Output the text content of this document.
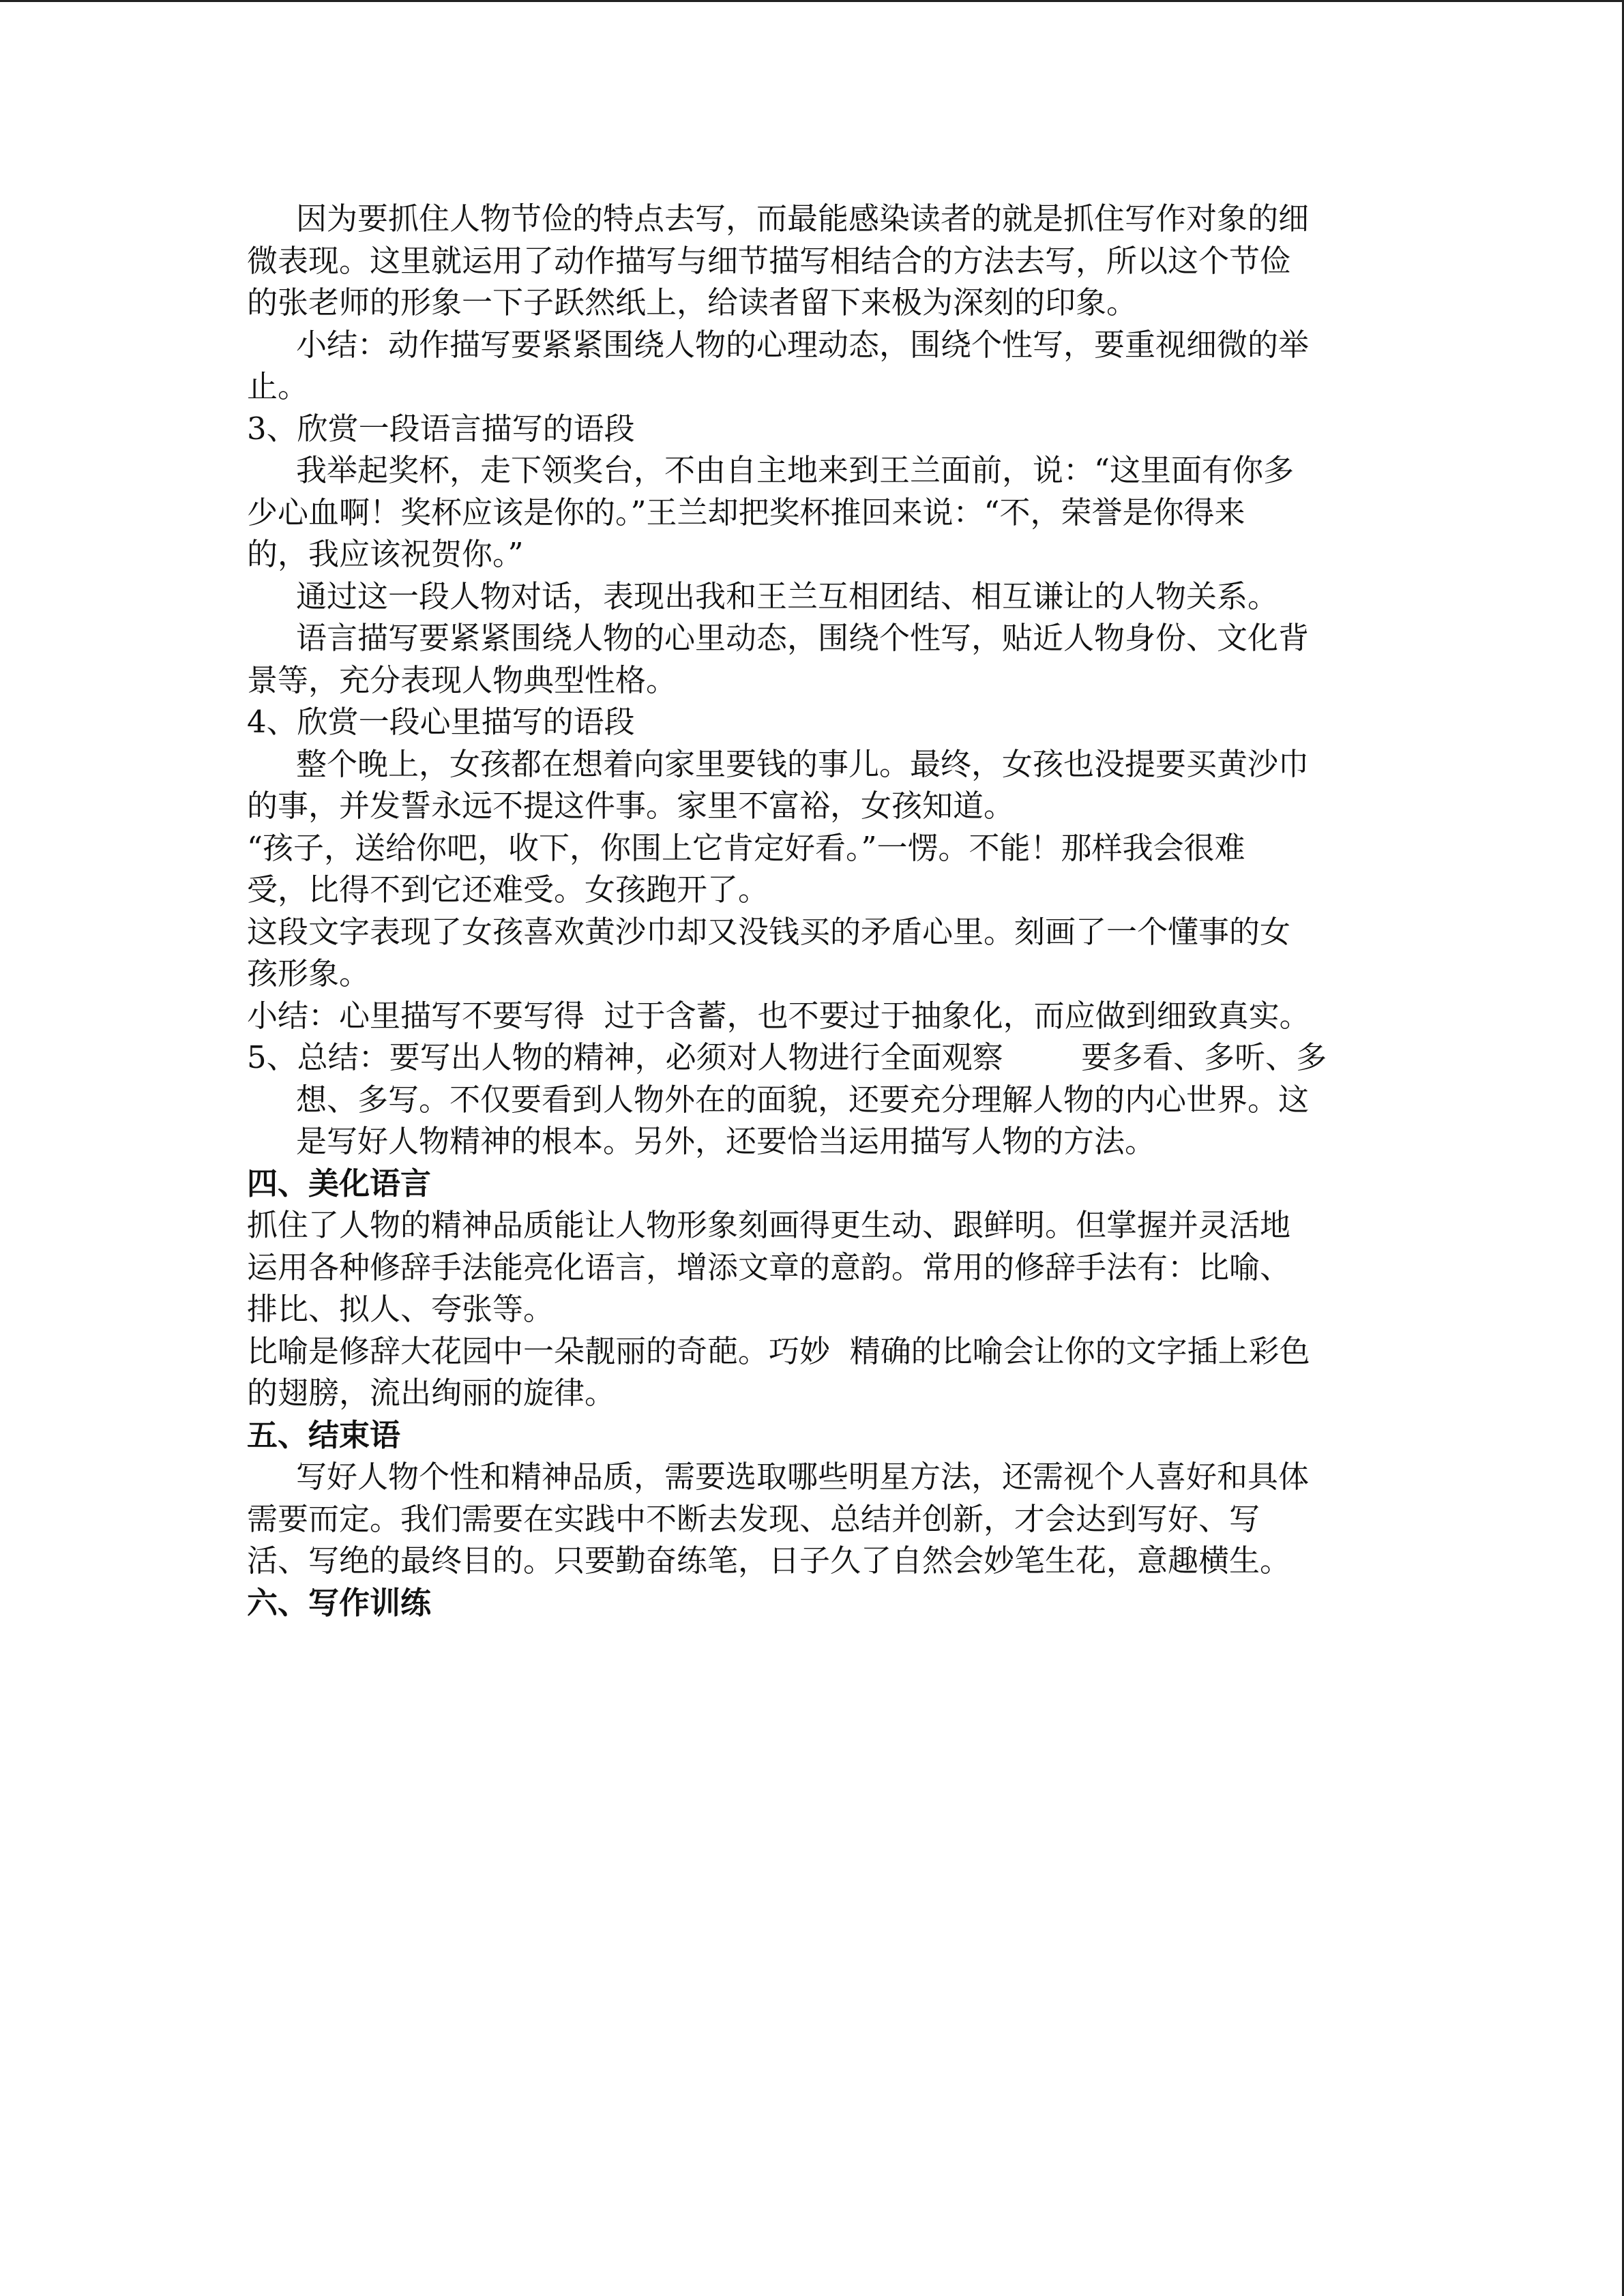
因为要抓住人物节俭的特点去写，而最能感染读者的就是抓住写作对象的细
微表现。这里就运用了动作描写与细节描写相结合的方法去写，所以这个节俭
的张老师的形象一下子跃然纸上，给读者留下来极为深刻的印象。
小结：动作描写要紧紧围绕人物的心理动态，围绕个性写，要重视细微的举
止。
3、欣赏一段语言描写的语段
我举起奖杯，走下领奖台，不由自主地来到王兰面前，说：“这里面有你多
少心血啊！奖杯应该是你的。”王兰却把奖杯推回来说：“不，荣誉是你得来
的，我应该祝贺你。”
通过这一段人物对话，表现出我和王兰互相团结、相互谦让的人物关系。
语言描写要紧紧围绕人物的心里动态，围绕个性写，贴近人物身份、文化背
景等，充分表现人物典型性格。
4、欣赏一段心里描写的语段
整个晚上，女孩都在想着向家里要钱的事儿。最终，女孩也没提要买黄沙巾
的事，并发誓永远不提这件事。家里不富裕，女孩知道。
“孩子，送给你吧，收下，你围上它肯定好看。”一愣。不能！那样我会很难
受，比得不到它还难受。女孩跑开了。
这段文字表现了女孩喜欢黄沙巾却又没钱买的矛盾心里。刻画了一个懂事的女
孩形象。
小结：心里描写不要写得  过于含蓄，也不要过于抽象化，而应做到细致真实。
5、总结：要写出人物的精神，必须对人物进行全面观察        要多看、多听、多
想、多写。不仅要看到人物外在的面貌，还要充分理解人物的内心世界。这
是写好人物精神的根本。另外，还要恰当运用描写人物的方法。
四、美化语言
抓住了人物的精神品质能让人物形象刻画得更生动、跟鲜明。但掌握并灵活地
运用各种修辞手法能亮化语言，增添文章的意韵。常用的修辞手法有：比喻、
排比、拟人、夸张等。
比喻是修辞大花园中一朵靓丽的奇葩。巧妙  精确的比喻会让你的文字插上彩色
的翅膀，流出绚丽的旋律。
五、结束语
写好人物个性和精神品质，需要选取哪些明星方法，还需视个人喜好和具体
需要而定。我们需要在实践中不断去发现、总结并创新，才会达到写好、写
活、写绝的最终目的。只要勤奋练笔，日子久了自然会妙笔生花，意趣横生。
六、写作训练
